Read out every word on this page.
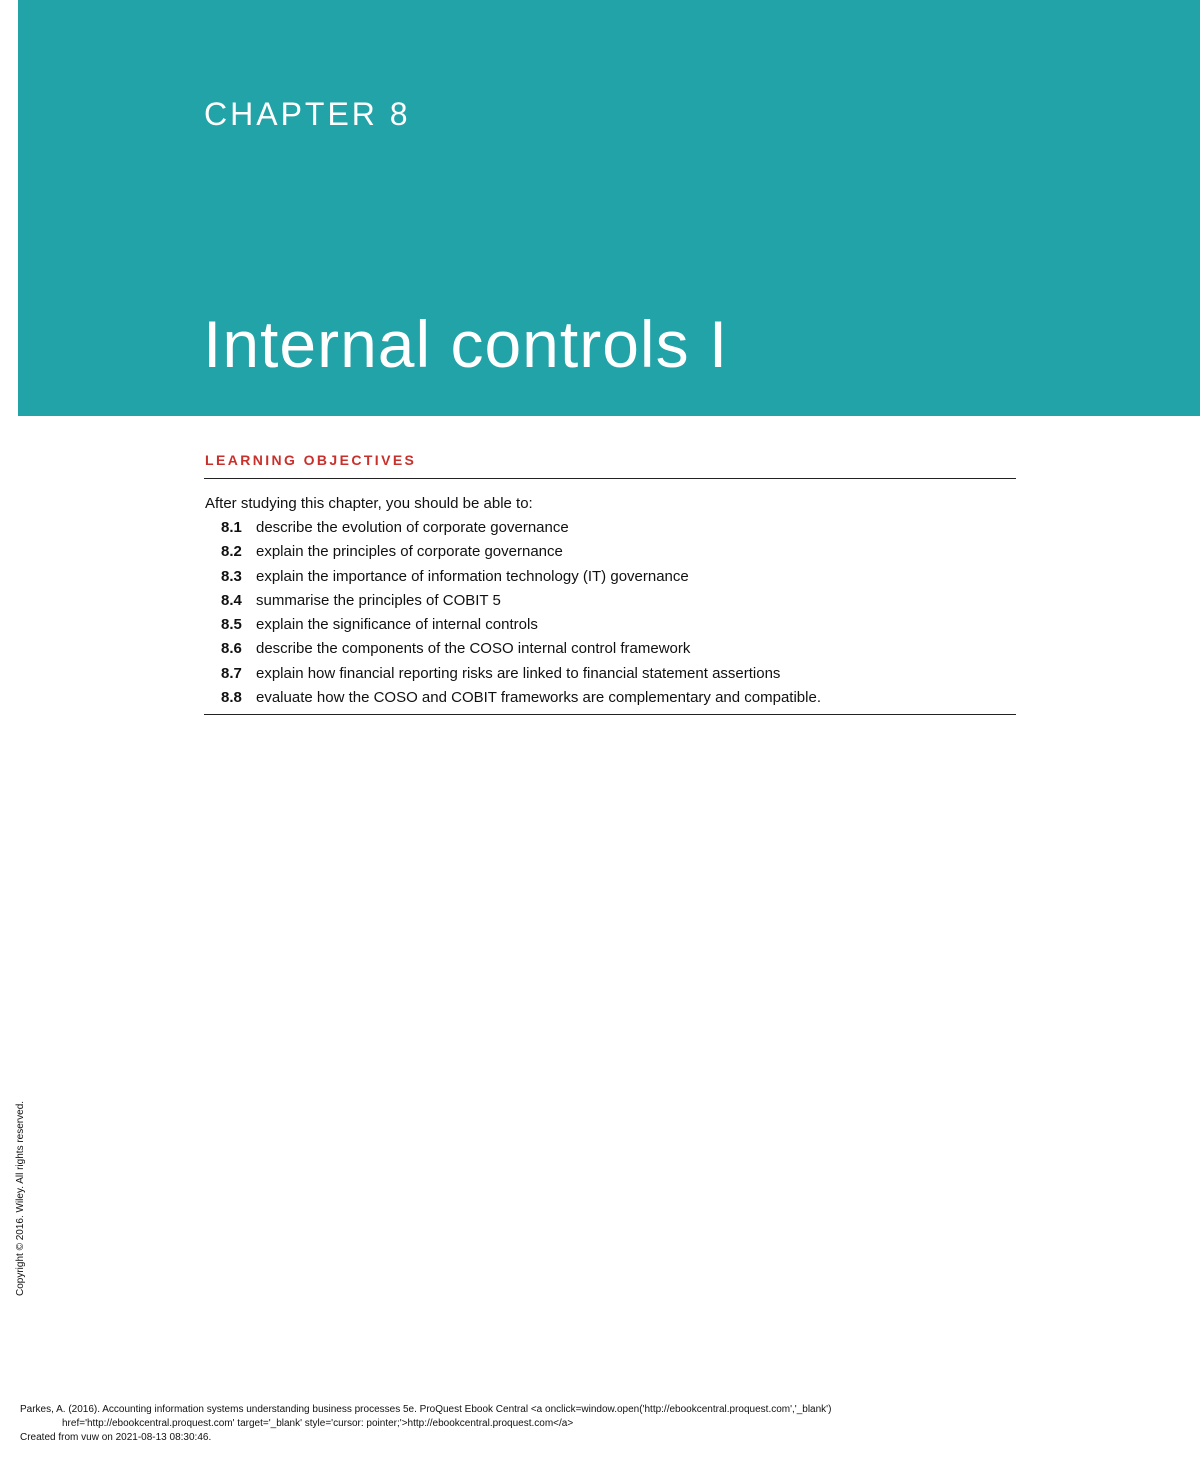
CHAPTER 8
Internal controls I
LEARNING OBJECTIVES
After studying this chapter, you should be able to:
8.1 describe the evolution of corporate governance
8.2 explain the principles of corporate governance
8.3 explain the importance of information technology (IT) governance
8.4 summarise the principles of COBIT 5
8.5 explain the significance of internal controls
8.6 describe the components of the COSO internal control framework
8.7 explain how financial reporting risks are linked to financial statement assertions
8.8 evaluate how the COSO and COBIT frameworks are complementary and compatible.
Copyright © 2016. Wiley. All rights reserved.
Parkes, A. (2016). Accounting information systems understanding business processes 5e. ProQuest Ebook Central <a onclick=window.open('http://ebookcentral.proquest.com','_blank')
href='http://ebookcentral.proquest.com' target='_blank' style='cursor: pointer;'>http://ebookcentral.proquest.com</a>
Created from vuw on 2021-08-13 08:30:46.
